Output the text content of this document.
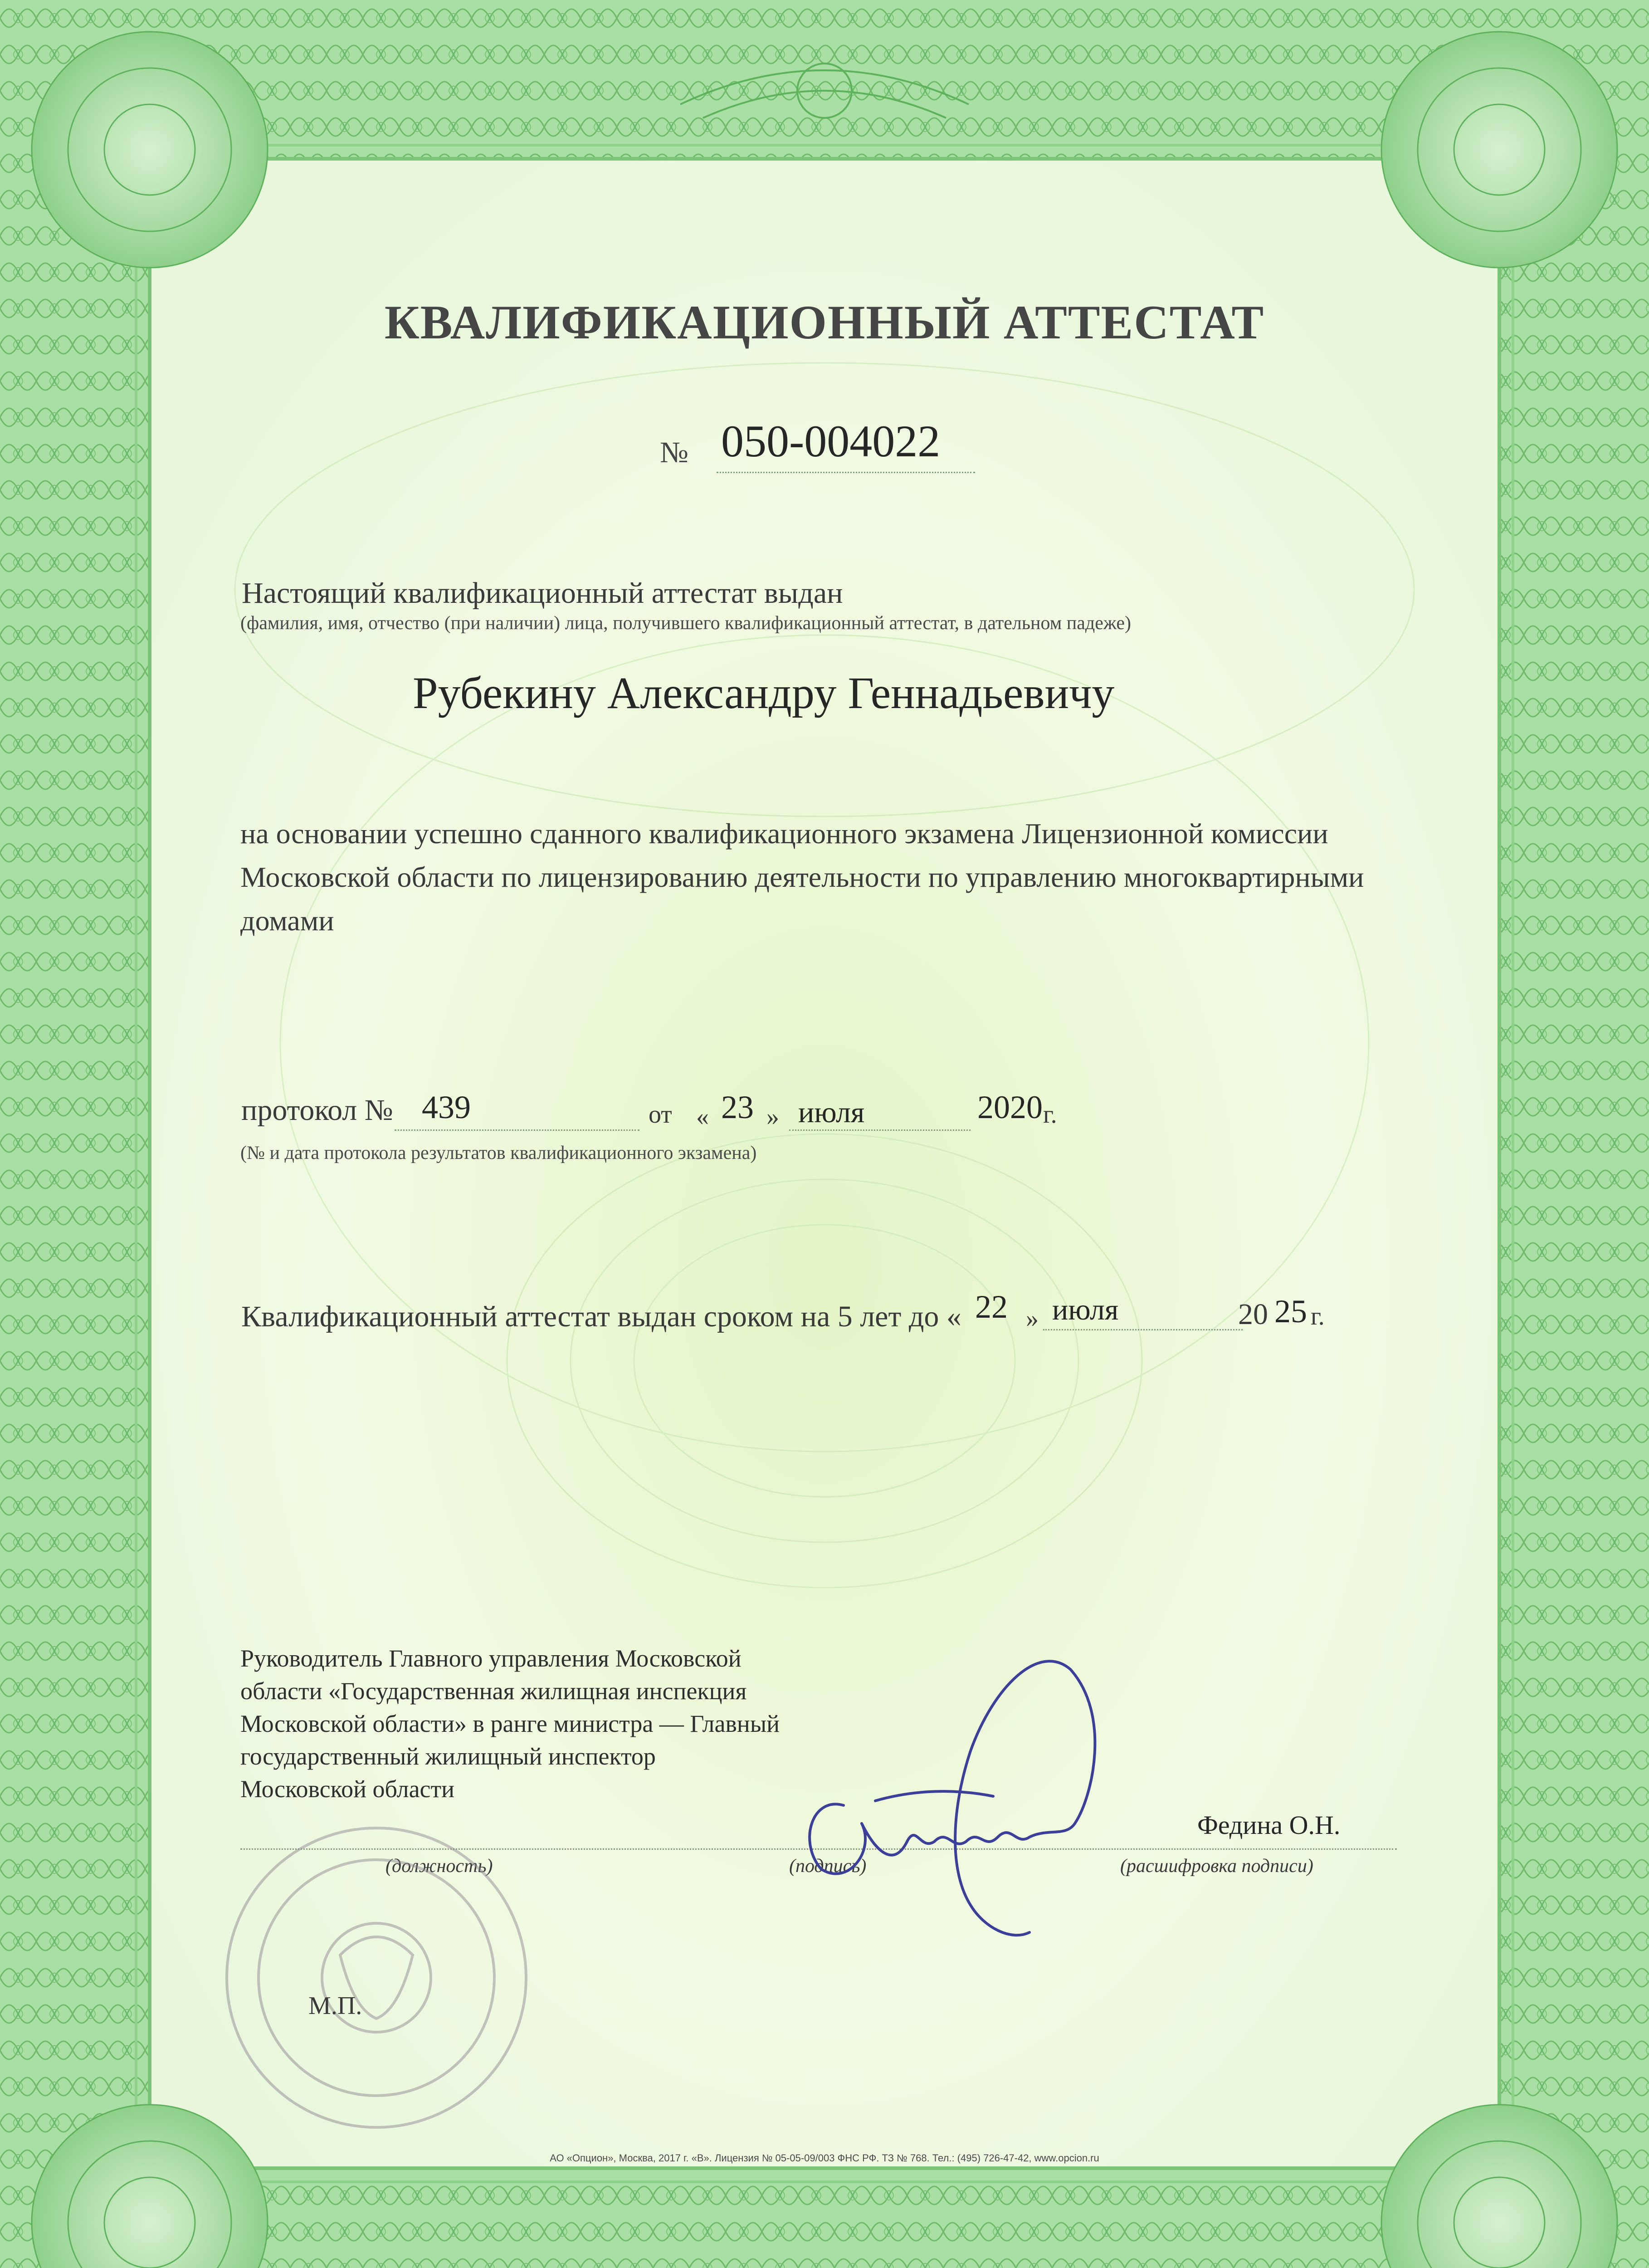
КВАЛИФИКАЦИОННЫЙ АТТЕСТАТ
№ 050-004022
Настоящий квалификационный аттестат выдан
(фамилия, имя, отчество (при наличии) лица, получившего квалификационный аттестат, в дательном падеже)
Рубекину Александру Геннадьевичу
на основании успешно сданного квалификационного экзамена Лицензионной комиссии Московской области по лицензированию деятельности по управлению многоквартирными домами
протокол № 439	от « 23 » июля	2020 г.
(№ и дата протокола результатов квалификационного экзамена)
Квалификационный аттестат выдан сроком на 5 лет до « 22 » июля	20 25 г.
Руководитель Главного управления Московской области «Государственная жилищная инспекция Московской области» в ранге министра — Главный государственный жилищный инспектор Московской области
Федина О.Н.
(должность)	(подпись)	(расшифровка подписи)
М.П.
АО «Опцион», Москва, 2017 г. «В». Лицензия № 05-05-09/003 ФНС РФ. ТЗ № 768. Тел.: (495) 726-47-42, www.opcion.ru
